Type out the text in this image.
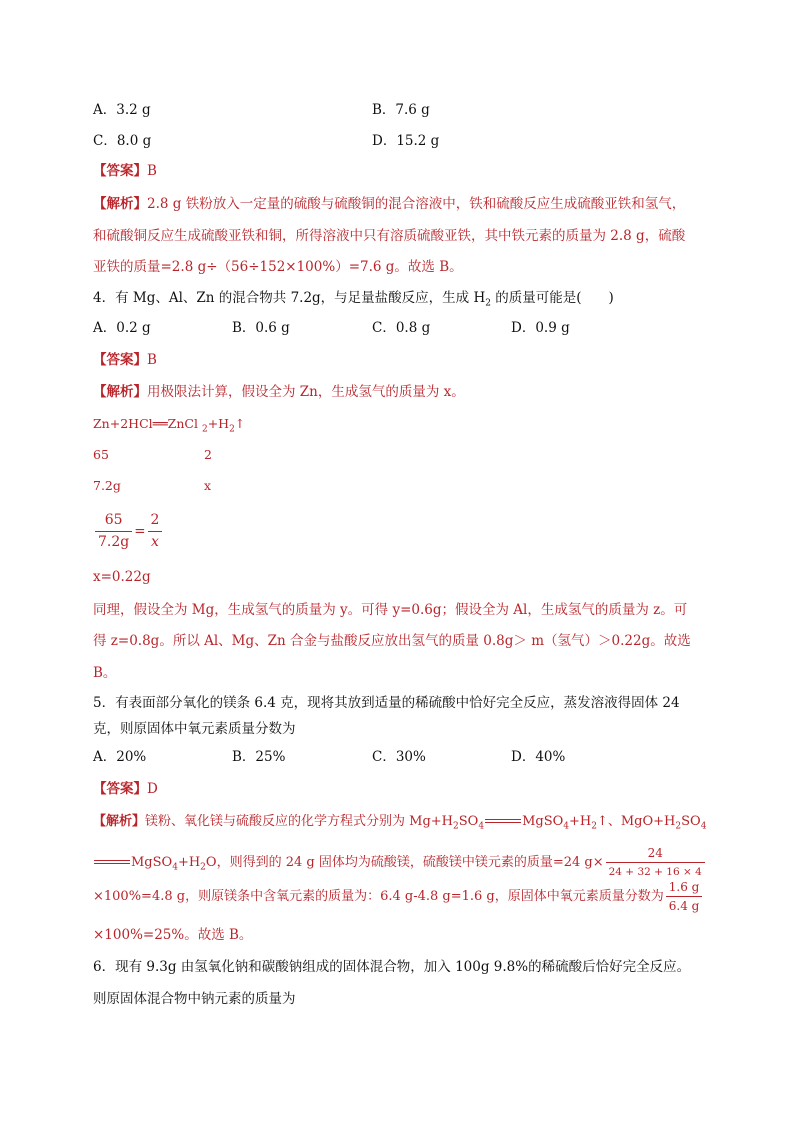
A．3.2 g	B．7.6 g
C．8.0 g	D．15.2 g
【答案】B
【解析】2.8 g 铁粉放入一定量的硫酸与硫酸铜的混合溶液中，铁和硫酸反应生成硫酸亚铁和氢气，
和硫酸铜反应生成硫酸亚铁和铜，所得溶液中只有溶质硫酸亚铁，其中铁元素的质量为 2.8 g，硫酸
亚铁的质量=2.8 g÷（56÷152×100%）=7.6 g。故选 B。
4．有 Mg、Al、Zn 的混合物共 7.2g，与足量盐酸反应，生成 $H_2$ 的质量可能是(　　)
A．0.2 g	B．0.6 g	C．0.8 g	D．0.9 g
【答案】B
【解析】用极限法计算，假设全为 Zn，生成氢气的质量为 x。
Zn+2HCl══ZnCl $_2+H_2↑$
65	2
7.2g	x
$\frac{65}{7.2g} = \frac{2}{x}$
x=0.22g
同理，假设全为 Mg，生成氢气的质量为 y。可得 y=0.6g；假设全为 Al，生成氢气的质量为 z。可
得 z=0.8g。所以 Al、Mg、Zn 合金与盐酸反应放出氢气的质量 0.8g＞ m（氢气）＞0.22g。故选
B。
5．有表面部分氧化的镁条 6.4 克，现将其放到适量的稀硫酸中恰好完全反应，蒸发溶液得固体 24
克，则原固体中氧元素质量分数为
A．20%	B．25%	C．30%	D．40%
【答案】D
【解析】镁粉、氧化镁与硫酸反应的化学方程式分别为 $Mg+H_2SO_4$	$MgSO_4+H_2↑$、$MgO+H_2SO_4$
$MgSO_4+H_2O$，则得到的 24 g 固体均为硫酸镁，硫酸镁中镁元素的质量=24 $g\times \frac{24}{24 + 32 + 16 \times 4}$
×100%=4.8 g，则原镁条中含氧元素的质量为：6.4 g-4.8 g=1.6 g，原固体中氧元素质量分数为 $\frac{1.6 g}{6.4 g}$
×100%=25%。故选 B。
6．现有 9.3g 由氢氧化钠和碳酸钠组成的固体混合物，加入 100g 9.8%的稀硫酸后恰好完全反应。
则原固体混合物中钠元素的质量为
